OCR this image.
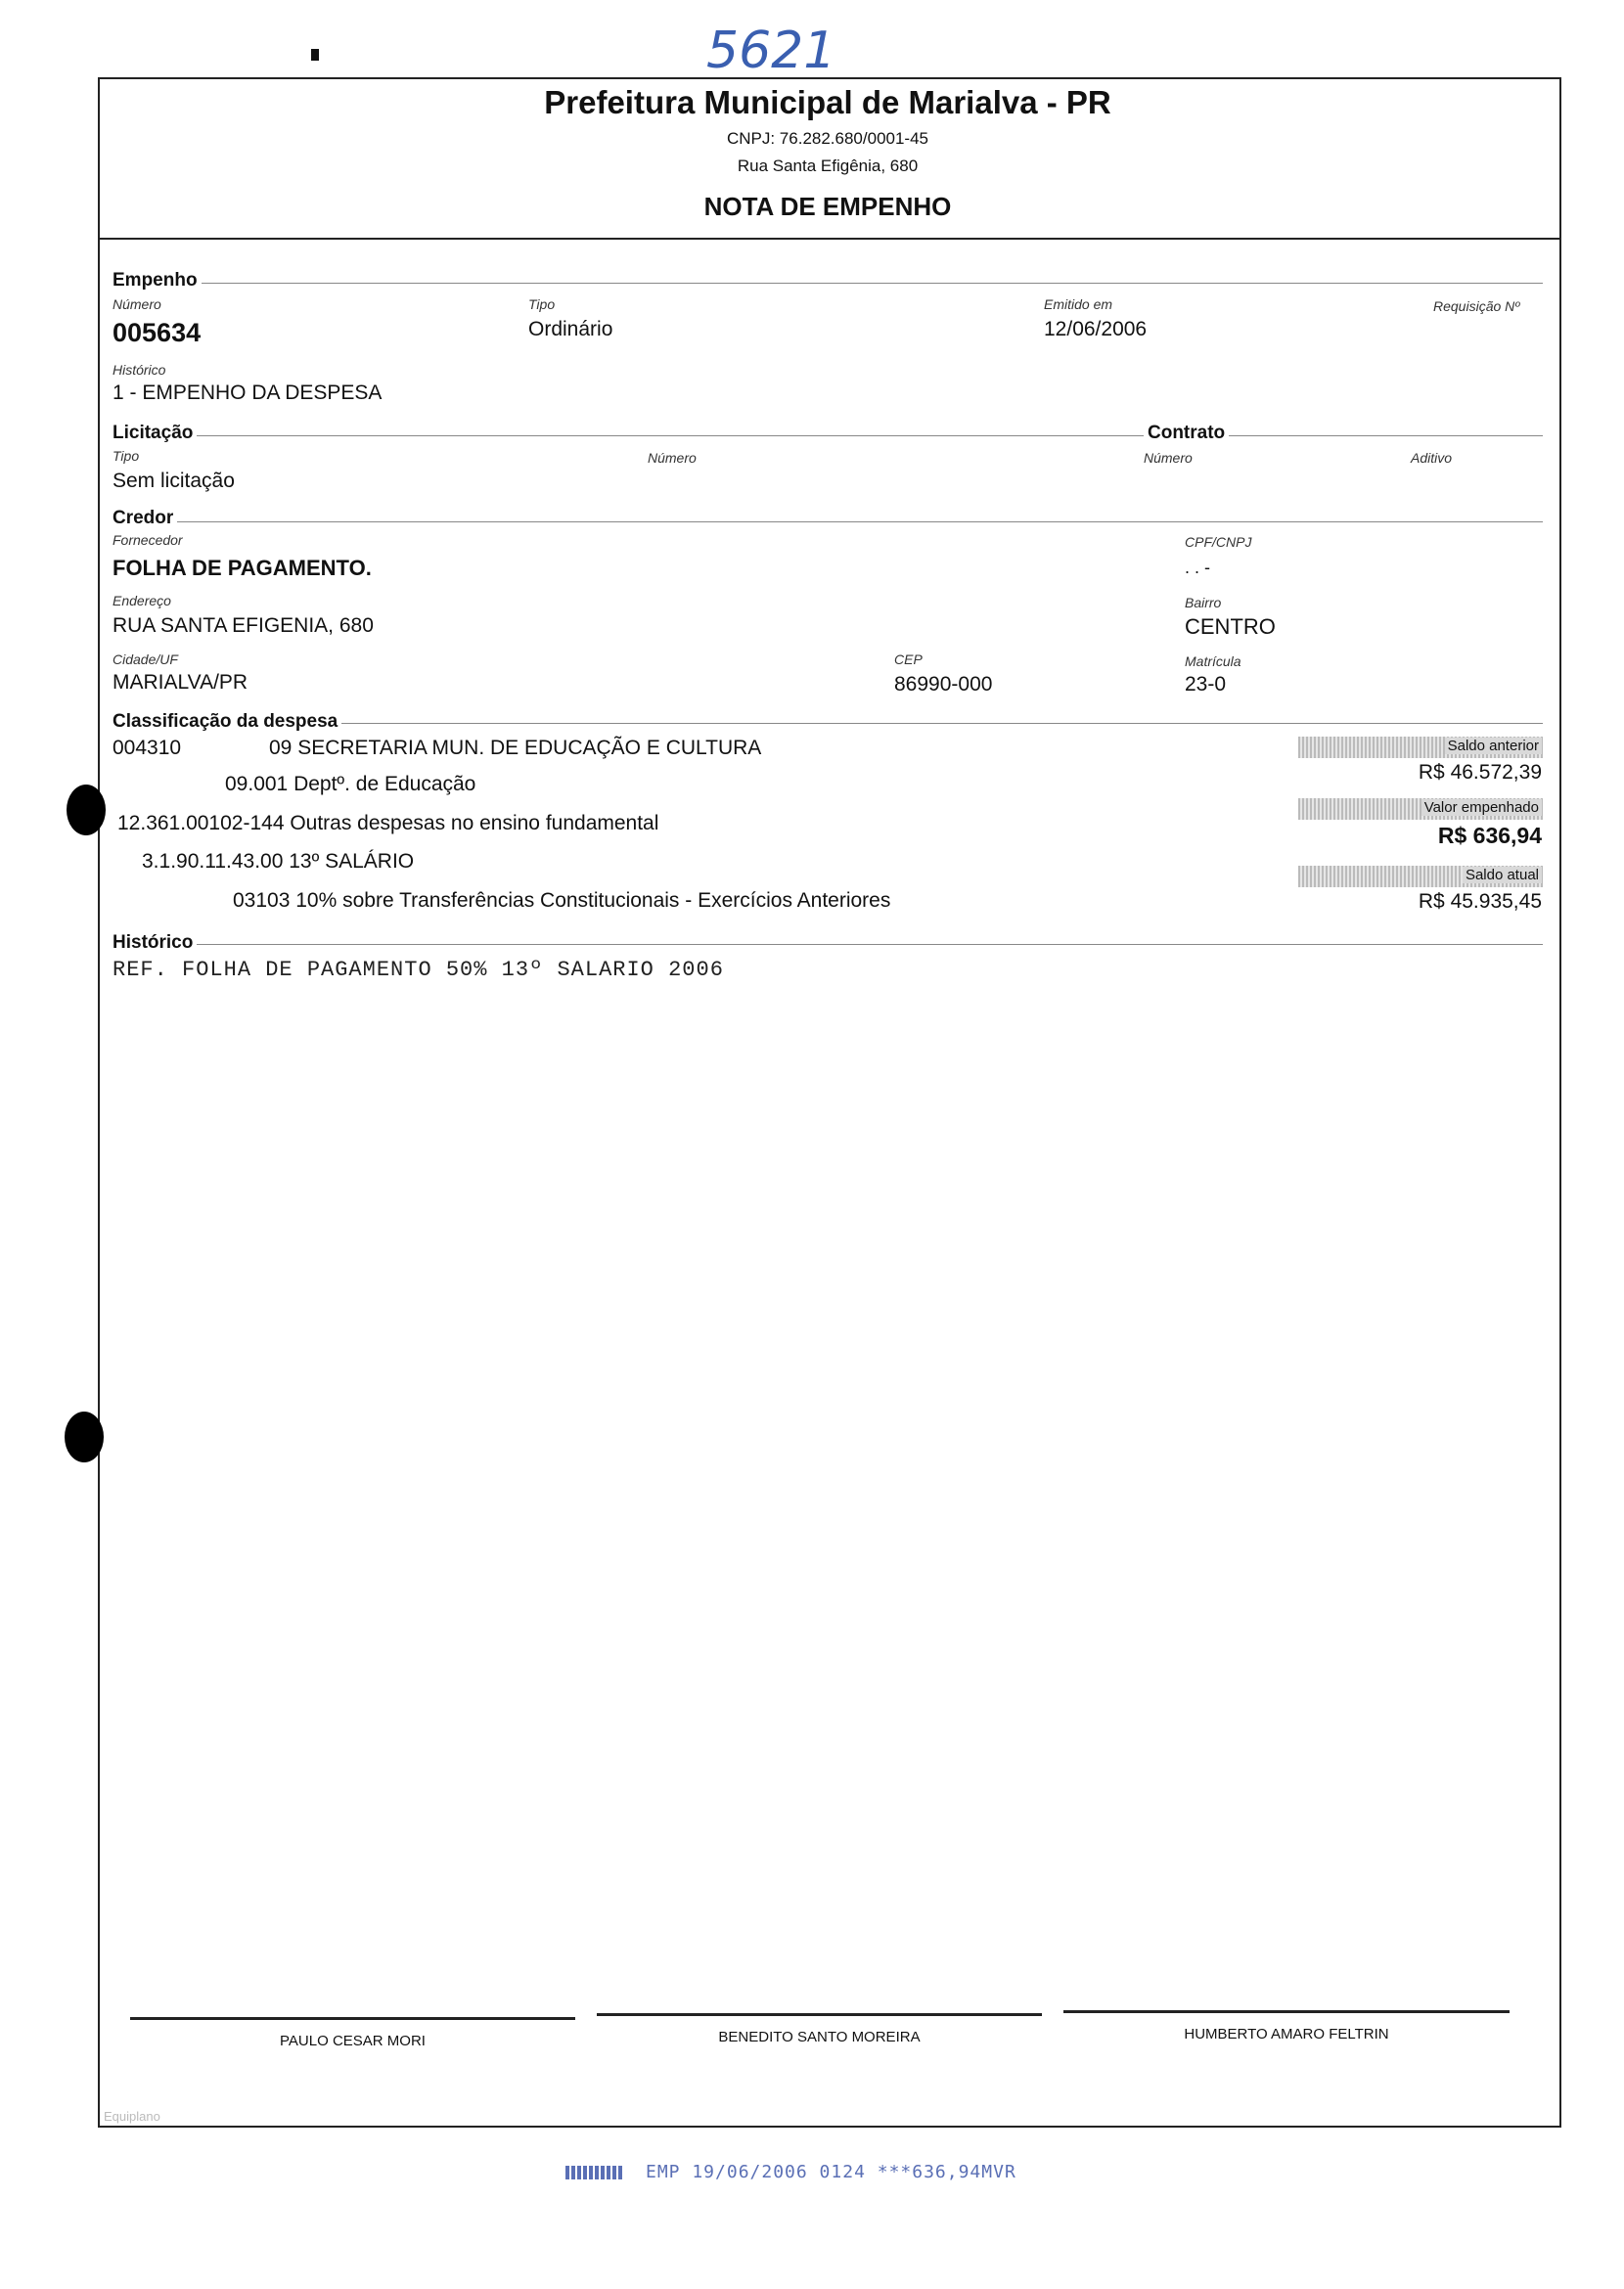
5621
Prefeitura Municipal de Marialva - PR
CNPJ: 76.282.680/0001-45
Rua Santa Efigênia, 680
NOTA DE EMPENHO
Empenho
Número
005634
Tipo
Ordinário
Emitido em
12/06/2006
Requisição Nº
Histórico
1 - EMPENHO DA DESPESA
Licitação	Contrato
Tipo
Sem licitação
Número	Número	Aditivo
Credor
Fornecedor
FOLHA DE PAGAMENTO.
CPF/CNPJ
. . -
Endereço
RUA SANTA EFIGENIA, 680
Bairro
CENTRO
Cidade/UF
MARIALVA/PR
CEP
86990-000
Matrícula
23-0
Classificação da despesa
004310	09 SECRETARIA MUN. DE EDUCAÇÃO E CULTURA
09.001 Deptº. de Educação
12.361.00102-144 Outras despesas no ensino fundamental
3.1.90.11.43.00 13º SALÁRIO
03103 10% sobre Transferências Constitucionais - Exercícios Anteriores
Saldo anterior
R$ 46.572,39
Valor empenhado
R$ 636,94
Saldo atual
R$ 45.935,45
Histórico
REF. FOLHA DE PAGAMENTO 50% 13º SALARIO 2006
PAULO CESAR MORI	BENEDITO SANTO MOREIRA	HUMBERTO AMARO FELTRIN
Equiplano
EMP 19/06/2006 0124 ***636,94MVR
